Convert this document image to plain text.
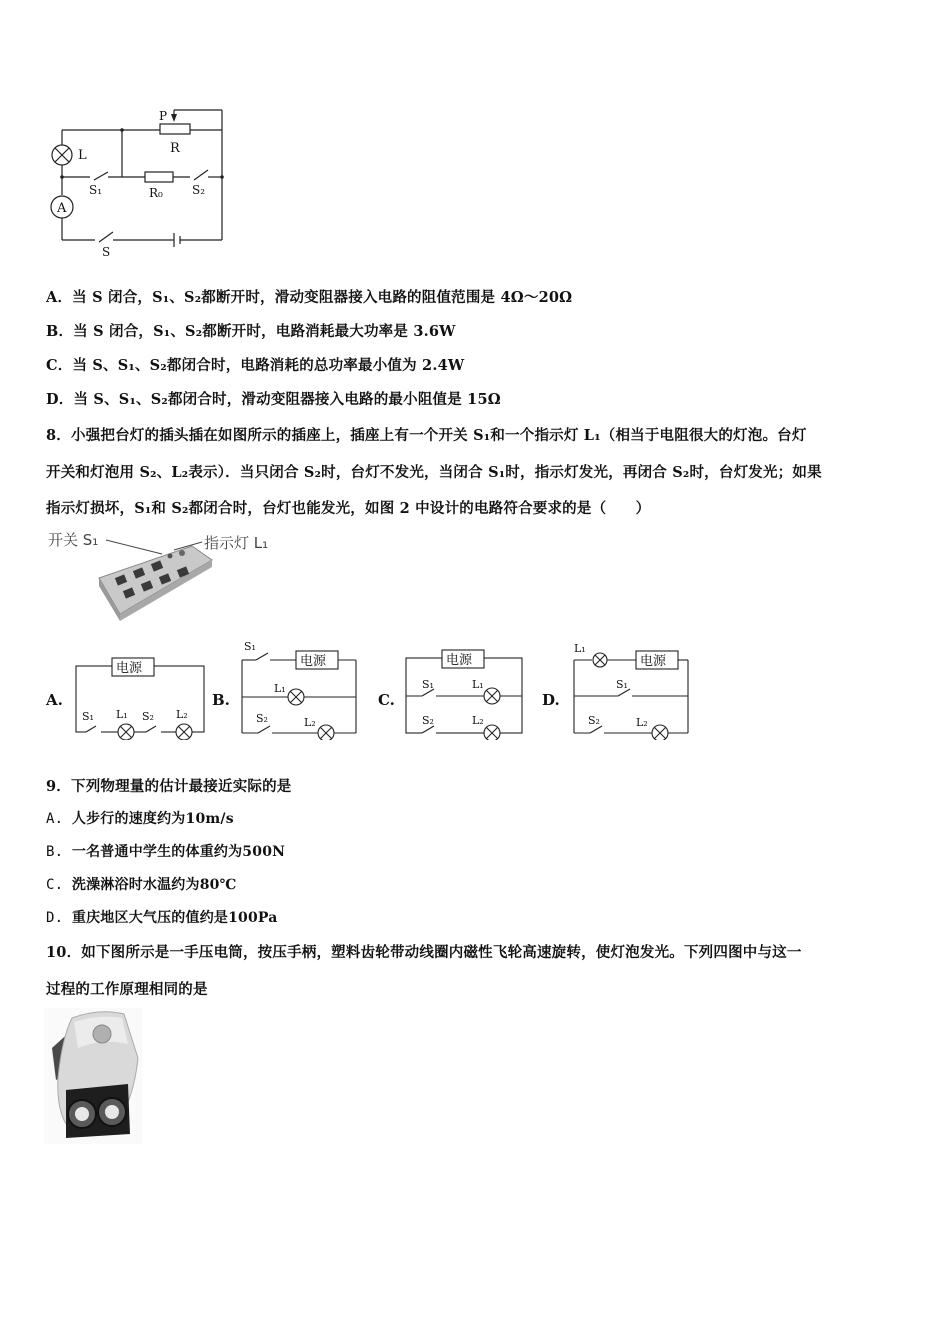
P
R
L
A
S₁	R₀ S₂
S
A．当 S 闭合，S₁、S₂都断开时，滑动变阻器接入电路的阻值范围是 4Ω～20Ω
B．当 S 闭合，S₁、S₂都断开时，电路消耗最大功率是 3.6W
C．当 S、S₁、S₂都闭合时，电路消耗的总功率最小值为 2.4W
D．当 S、S₁、S₂都闭合时，滑动变阻器接入电路的最小阻值是 15Ω
8．小强把台灯的插头插在如图所示的插座上，插座上有一个开关 S₁和一个指示灯 L₁（相当于电阻很大的灯泡。台灯
开关和灯泡用 S₂、L₂表示）．当只闭合 S₂时，台灯不发光，当闭合 S₁时，指示灯发光，再闭合 S₂时，台灯发光；如果
指示灯损坏，S₁和 S₂都闭合时，台灯也能发光，如图 2 中设计的电路符合要求的是（　　）
开关 S₁	指示灯 L₁
A.
电源
S₁ L₁ S₂ L₂
B.
电源
S₁
L₁
S₂	L₂
C.
电源
S₁	L₁
S₂	L₂
D.
电源
L₁
S₁
S₂	L₂
9．下列物理量的估计最接近实际的是
A. 人步行的速度约为10m/s
B. 一名普通中学生的体重约为500N
C. 洗澡淋浴时水温约为80℃
D. 重庆地区大气压的值约是100Pa
10．如下图所示是一手压电筒，按压手柄，塑料齿轮带动线圈内磁性飞轮高速旋转，使灯泡发光。下列四图中与这一
过程的工作原理相同的是
